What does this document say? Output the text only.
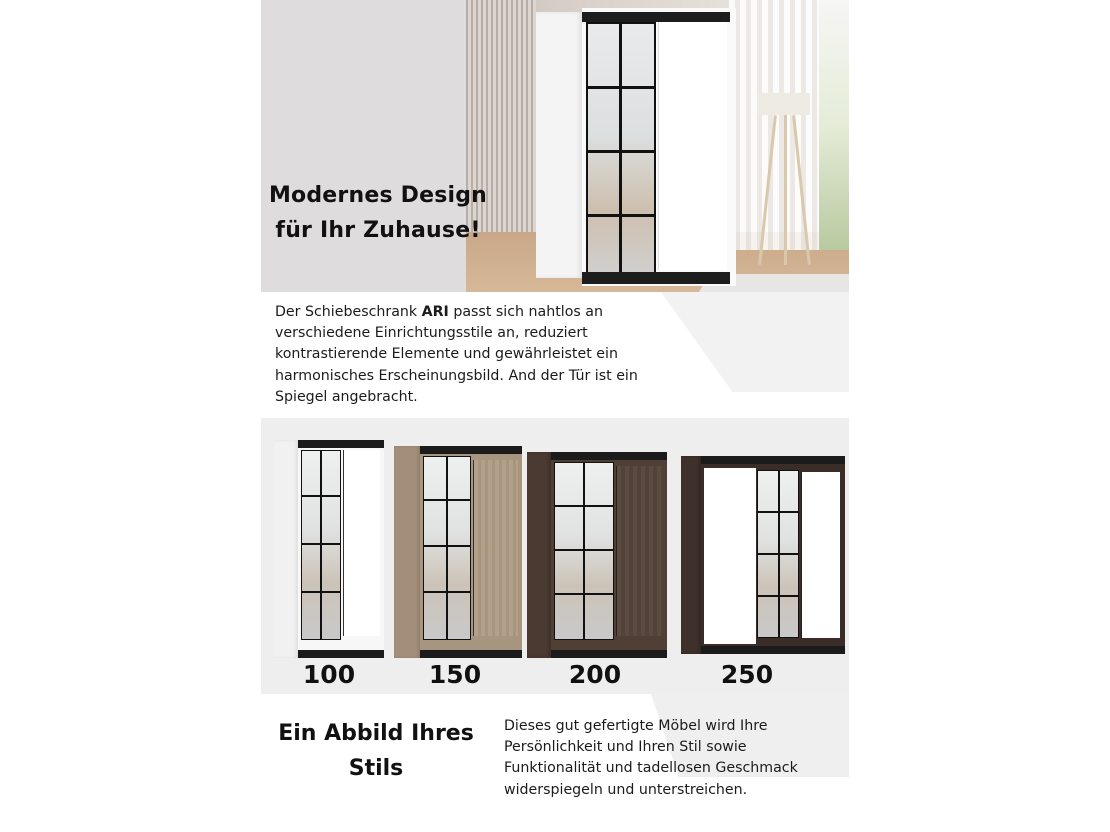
Modernes Design
für Ihr Zuhause!
Der Schiebeschrank ARI passt sich nahtlos an verschiedene Einrichtungsstile an, reduziert kontrastierende Elemente und gewährleistet ein harmonisches Erscheinungsbild. And der Tür ist ein Spiegel angebracht.
100	150	200	250
Ein Abbild Ihres
Stils
Dieses gut gefertigte Möbel wird Ihre Persönlichkeit und Ihren Stil sowie Funktionalität und tadellosen Geschmack widerspiegeln und unterstreichen.
